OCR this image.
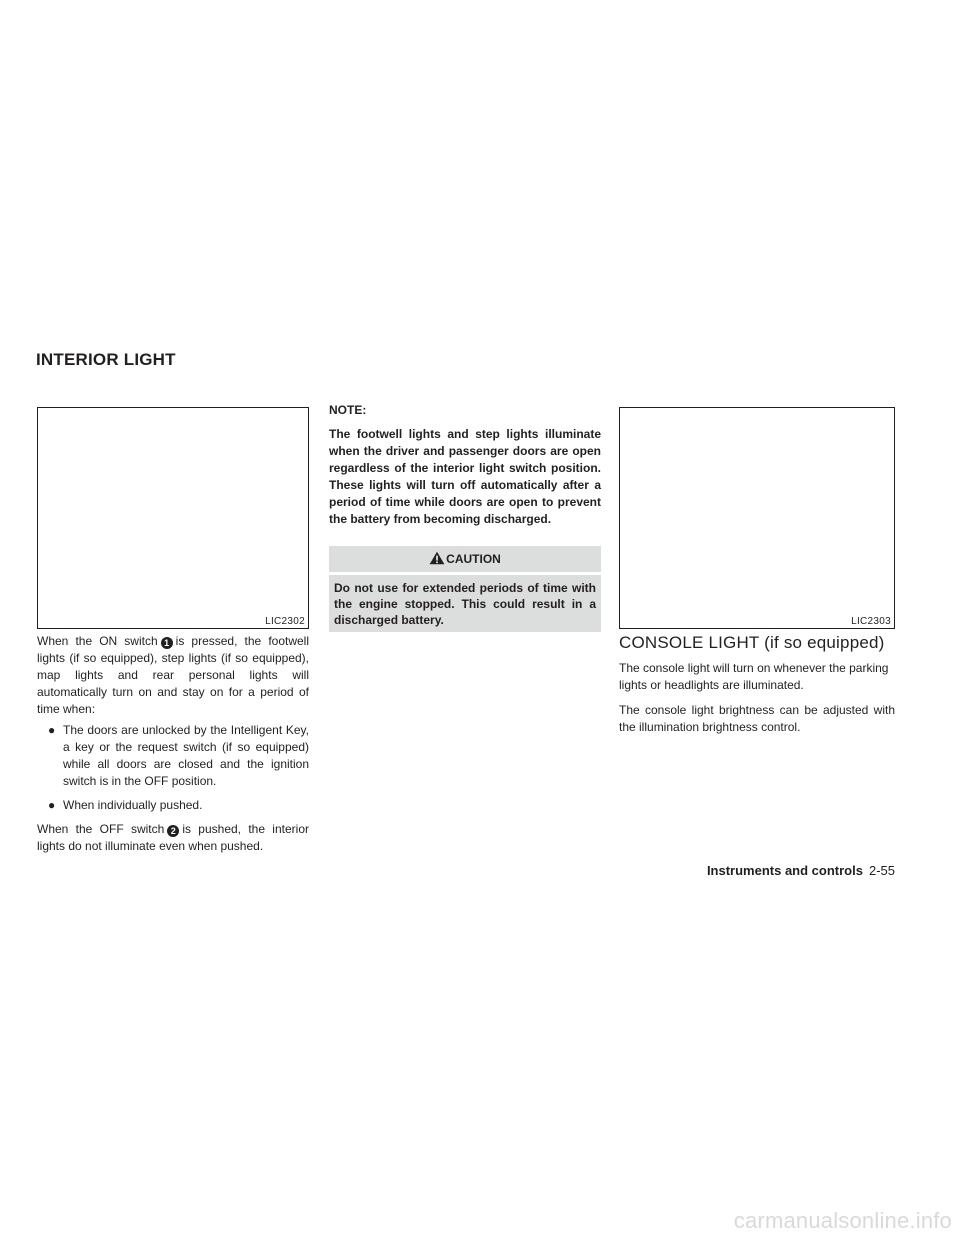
INTERIOR LIGHT
LIC2302	LIC2303

When the ON switch 1 is pressed, the footwell lights (if so equipped), step lights (if so equipped), map lights and rear personal lights will automatically turn on and stay on for a period of time when:

● The doors are unlocked by the Intelligent Key, a key or the request switch (if so equipped) while all doors are closed and the ignition switch is in the OFF position.
● When individually pushed.

When the OFF switch 2 is pushed, the interior lights do not illuminate even when pushed.

NOTE:

The footwell lights and step lights illuminate when the driver and passenger doors are open regardless of the interior light switch position. These lights will turn off automatically after a period of time while doors are open to prevent the battery from becoming discharged.

CAUTION

Do not use for extended periods of time with the engine stopped. This could result in a discharged battery.

CONSOLE LIGHT (if so equipped)

The console light will turn on whenever the parking lights or headlights are illuminated.

The console light brightness can be adjusted with the illumination brightness control.

Instruments and controls 2-55
carmanualsonline.info
